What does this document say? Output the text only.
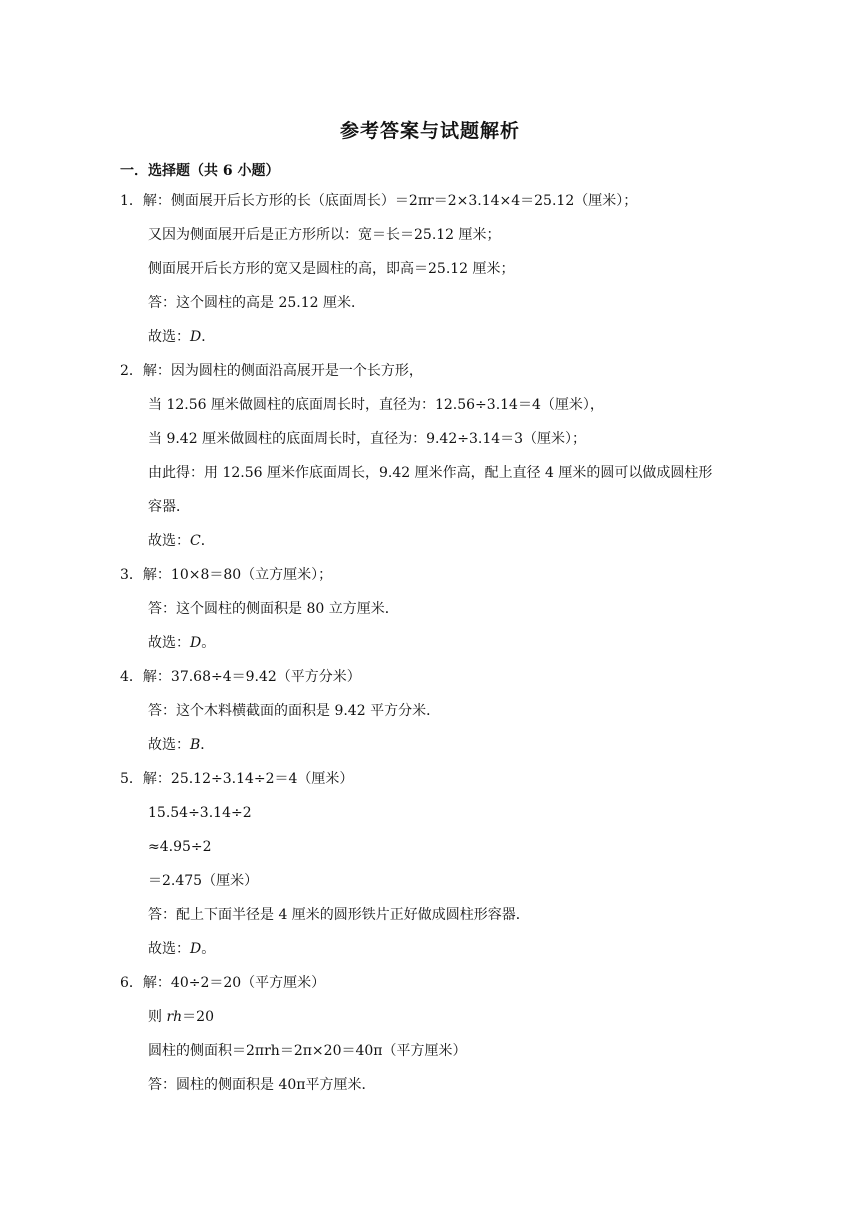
参考答案与试题解析
一．选择题（共 6 小题）
1．解：侧面展开后长方形的长（底面周长）＝2πr＝2×3.14×4＝25.12（厘米）；
又因为侧面展开后是正方形所以：宽＝长＝25.12 厘米；
侧面展开后长方形的宽又是圆柱的高，即高＝25.12 厘米；
答：这个圆柱的高是 25.12 厘米．
故选：D．
2．解：因为圆柱的侧面沿高展开是一个长方形，
当 12.56 厘米做圆柱的底面周长时，直径为：12.56÷3.14＝4（厘米），
当 9.42 厘米做圆柱的底面周长时，直径为：9.42÷3.14＝3（厘米）；
由此得：用 12.56 厘米作底面周长，9.42 厘米作高，配上直径 4 厘米的圆可以做成圆柱形
容器．
故选：C．
3．解：10×8＝80（立方厘米）；
答：这个圆柱的侧面积是 80 立方厘米．
故选：D。
4．解：37.68÷4＝9.42（平方分米）
答：这个木料横截面的面积是 9.42 平方分米．
故选：B．
5．解：25.12÷3.14÷2＝4（厘米）
15.54÷3.14÷2
≈4.95÷2
＝2.475（厘米）
答：配上下面半径是 4 厘米的圆形铁片正好做成圆柱形容器．
故选：D。
6．解：40÷2＝20（平方厘米）
则 rh＝20
圆柱的侧面积＝2πrh＝2π×20＝40π（平方厘米）
答：圆柱的侧面积是 40π平方厘米．
